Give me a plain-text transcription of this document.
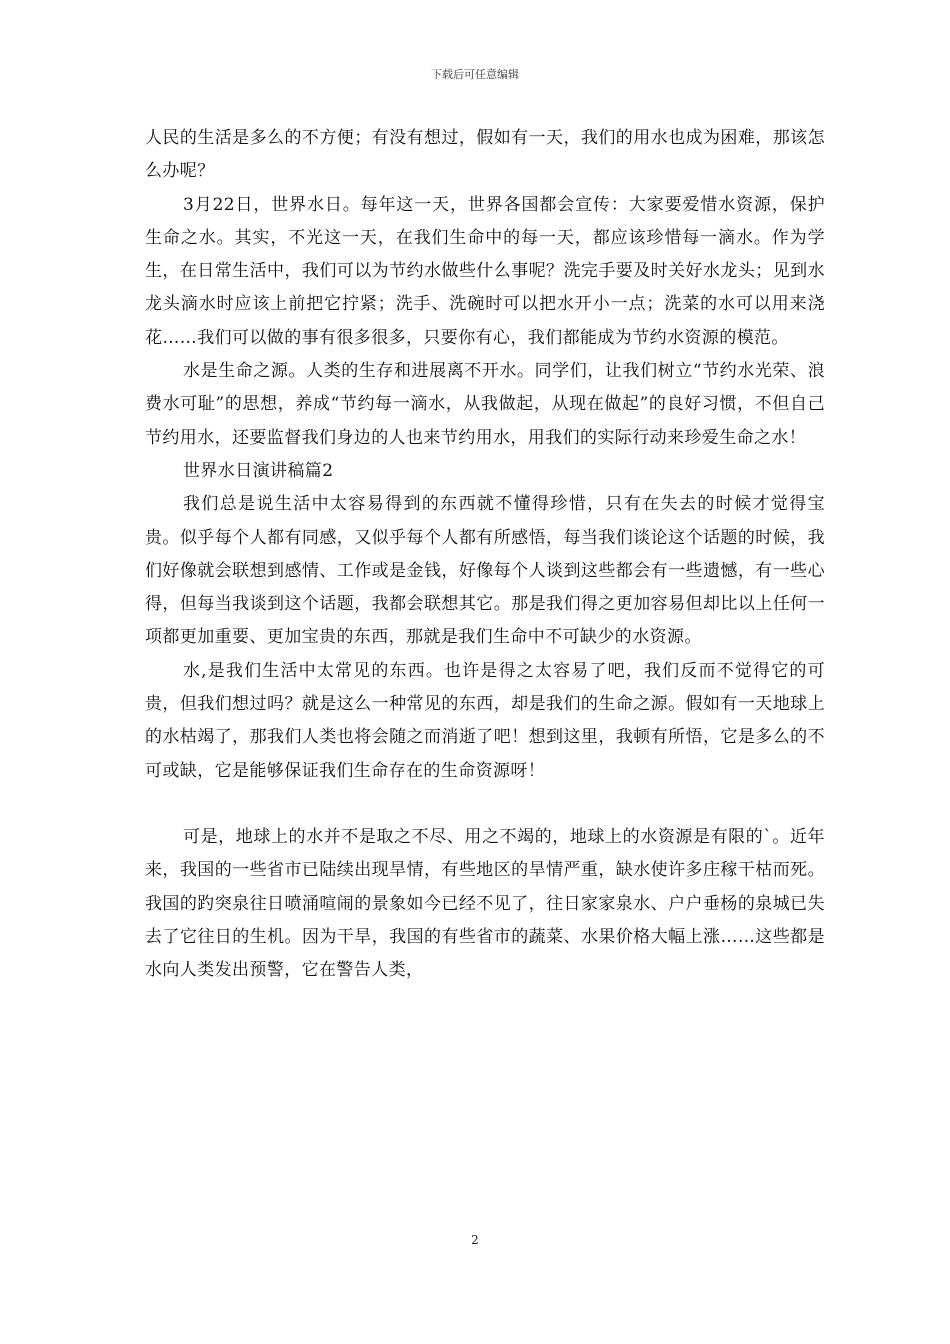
下载后可任意编辑

人民的生活是多么的不方便；有没有想过，假如有一天，我们的用水也成为困难，那该怎么办呢？

3月22日，世界水日。每年这一天，世界各国都会宣传：大家要爱惜水资源，保护生命之水。其实，不光这一天，在我们生命中的每一天，都应该珍惜每一滴水。作为学生，在日常生活中，我们可以为节约水做些什么事呢？洗完手要及时关好水龙头；见到水龙头滴水时应该上前把它拧紧；洗手、洗碗时可以把水开小一点；洗菜的水可以用来浇花……我们可以做的事有很多很多，只要你有心，我们都能成为节约水资源的模范。

水是生命之源。人类的生存和进展离不开水。同学们，让我们树立“节约水光荣、浪费水可耻”的思想，养成“节约每一滴水，从我做起，从现在做起”的良好习惯，不但自己节约用水，还要监督我们身边的人也来节约用水，用我们的实际行动来珍爱生命之水！

世界水日演讲稿篇2

我们总是说生活中太容易得到的东西就不懂得珍惜，只有在失去的时候才觉得宝贵。似乎每个人都有同感，又似乎每个人都有所感悟，每当我们谈论这个话题的时候，我们好像就会联想到感情、工作或是金钱，好像每个人谈到这些都会有一些遗憾，有一些心得，但每当我谈到这个话题，我都会联想其它。那是我们得之更加容易但却比以上任何一项都更加重要、更加宝贵的东西，那就是我们生命中不可缺少的水资源。

水,是我们生活中太常见的东西。也许是得之太容易了吧，我们反而不觉得它的可贵，但我们想过吗？就是这么一种常见的东西，却是我们的生命之源。假如有一天地球上的水枯竭了，那我们人类也将会随之而消逝了吧！想到这里，我顿有所悟，它是多么的不可或缺，它是能够保证我们生命存在的生命资源呀！

可是，地球上的水并不是取之不尽、用之不竭的，地球上的水资源是有限的`。近年来，我国的一些省市已陆续出现旱情，有些地区的旱情严重，缺水使许多庄稼干枯而死。我国的趵突泉往日喷涌喧闹的景象如今已经不见了，往日家家泉水、户户垂杨的泉城已失去了它往日的生机。因为干旱，我国的有些省市的蔬菜、水果价格大幅上涨……这些都是水向人类发出预警，它在警告人类，

2
